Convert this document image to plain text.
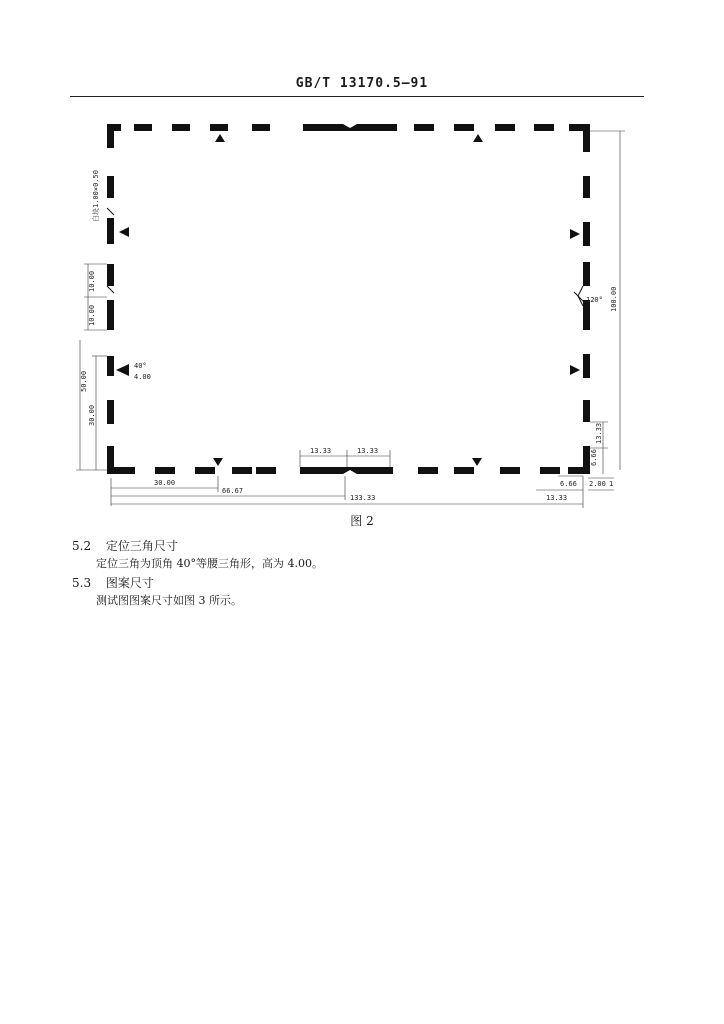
GB/T 13170.5—91
白块1.00×0.50
10.00
10.00
50.00
30.00
40°
4.00
120° 100.00
13.33	13.33
13.33
6.66
30.00
66.67
133.33
6.66
13.33
2.00 1
图 2
5.2 定位三角尺寸
定位三角为顶角 40°等腰三角形，高为 4.00。
5.3 图案尺寸
测试图图案尺寸如图 3 所示。
